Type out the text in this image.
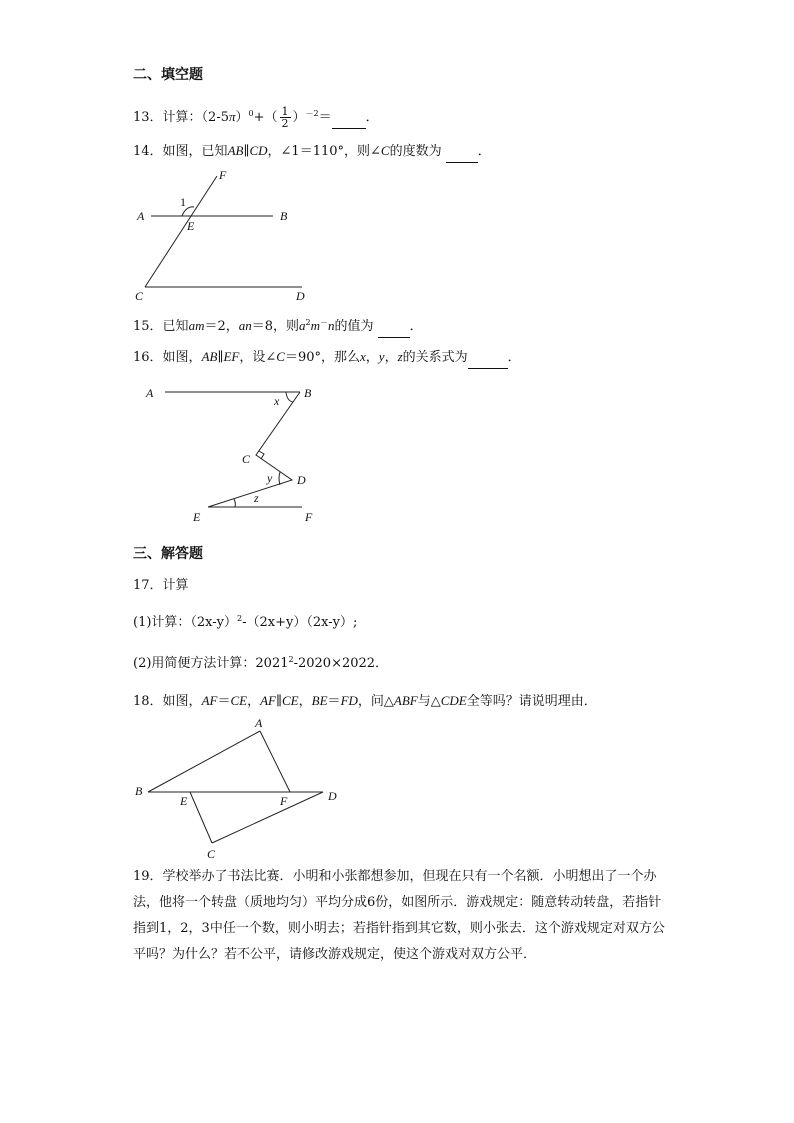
二、填空题
13．计算：$(2-5\pi)^0+( \frac{1}{2} )^{-2}=$	．
14．如图，已知AB∥CD，∠1＝110°，则∠C的度数为	．
F
1
A	B
E
C	D
15．已知am＝2，an＝8，则$a^2m^-n$的值为	．
16．如图，AB∥EF，设∠C＝90°，那么x，y，z的关系式为	．
A	B
x
C
y D
z
E	F
三、解答题
17．计算
(1)计算：$(2x-y)^2-(2x+y)(2x-y)$;
(2)用简便方法计算：$2021^2-2020\times 2022$．
18．如图，AF＝CE，AF∥CE，BE＝FD，问△ABF与△CDE全等吗？请说明理由．
A
B
E	F	D
C
19．学校举办了书法比赛．小明和小张都想参加，但现在只有一个名额．小明想出了一个办法，他将一个转盘（质地均匀）平均分成6份，如图所示．游戏规定：随意转动转盘，若指针指到1，2，3中任一个数，则小明去；若指针指到其它数，则小张去．这个游戏规定对双方公平吗？为什么？若不公平，请修改游戏规定，使这个游戏对双方公平．
